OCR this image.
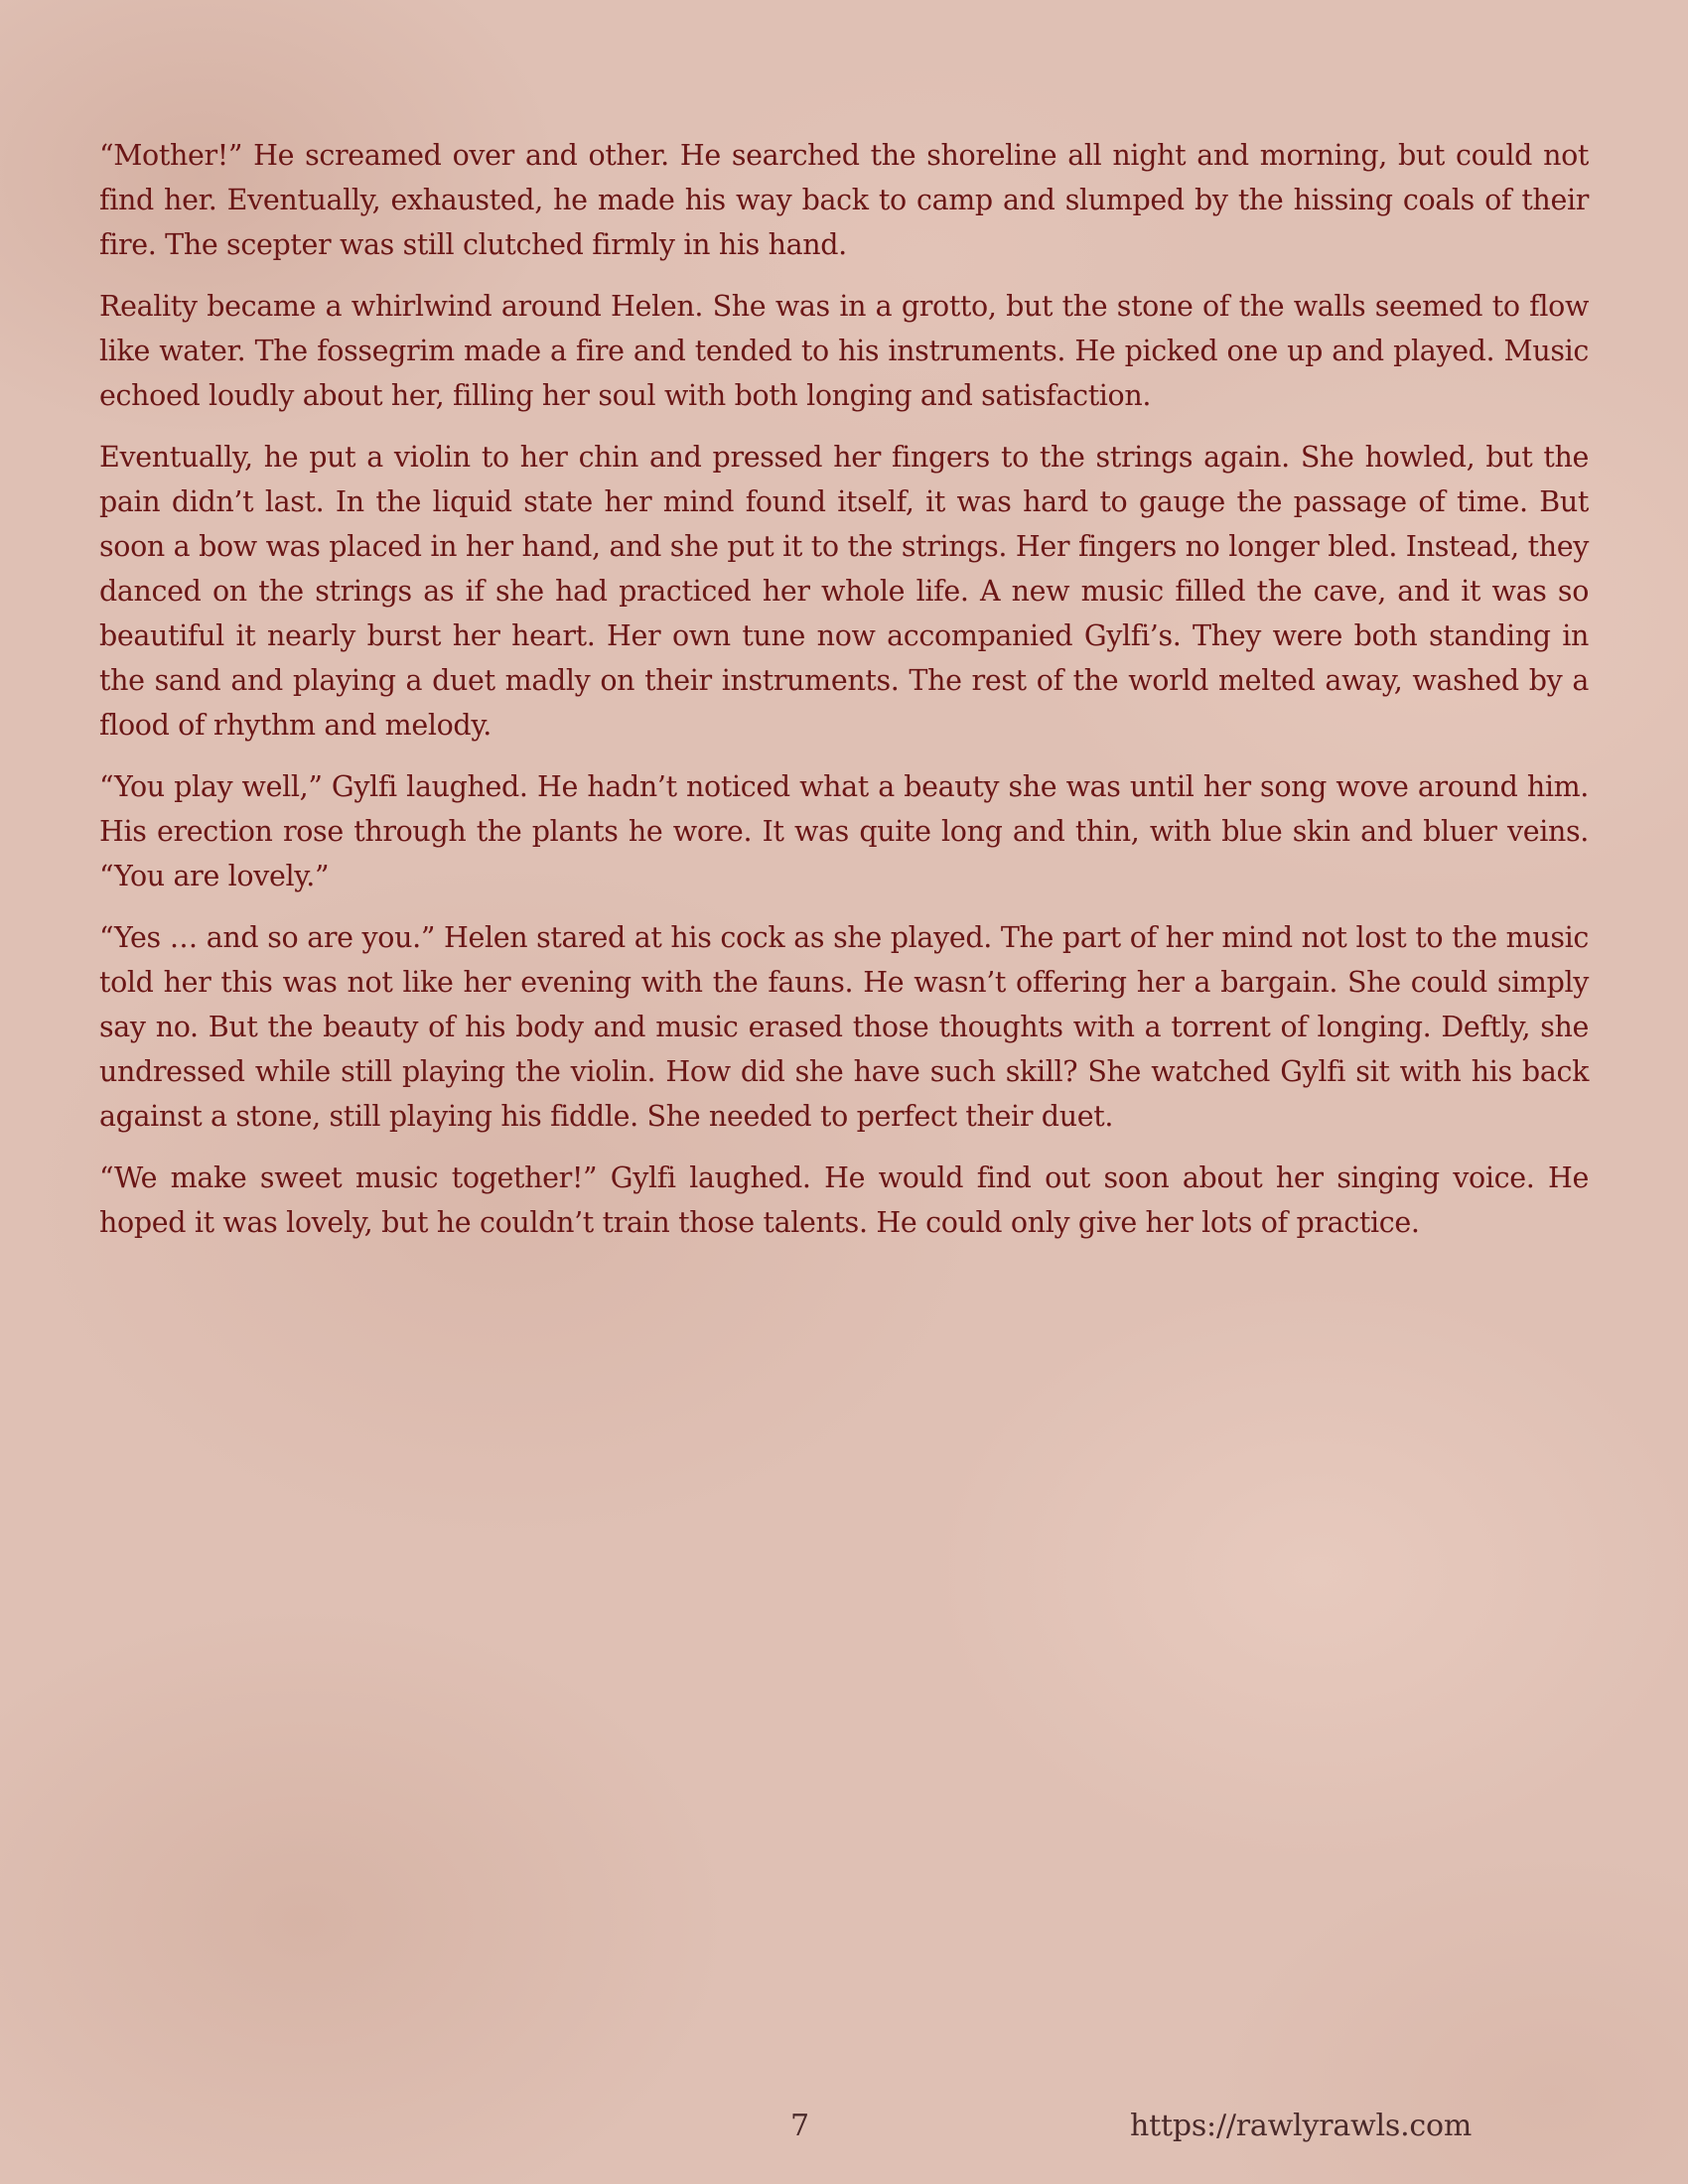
“Mother!” He screamed over and other. He searched the shoreline all night and morning, but could not find her. Eventually, exhausted, he made his way back to camp and slumped by the hissing coals of their fire. The scepter was still clutched firmly in his hand.

Reality became a whirlwind around Helen. She was in a grotto, but the stone of the walls seemed to flow like water. The fossegrim made a fire and tended to his instruments. He picked one up and played. Music echoed loudly about her, filling her soul with both longing and satisfaction.

Eventually, he put a violin to her chin and pressed her fingers to the strings again. She howled, but the pain didn’t last. In the liquid state her mind found itself, it was hard to gauge the passage of time. But soon a bow was placed in her hand, and she put it to the strings. Her fingers no longer bled. Instead, they danced on the strings as if she had practiced her whole life. A new music filled the cave, and it was so beautiful it nearly burst her heart. Her own tune now accompanied Gylfi’s. They were both standing in the sand and playing a duet madly on their instruments. The rest of the world melted away, washed by a flood of rhythm and melody.

“You play well,” Gylfi laughed. He hadn’t noticed what a beauty she was until her song wove around him. His erection rose through the plants he wore. It was quite long and thin, with blue skin and bluer veins. “You are lovely.”

“Yes … and so are you.” Helen stared at his cock as she played. The part of her mind not lost to the music told her this was not like her evening with the fauns. He wasn’t offering her a bargain. She could simply say no. But the beauty of his body and music erased those thoughts with a torrent of longing. Deftly, she undressed while still playing the violin. How did she have such skill? She watched Gylfi sit with his back against a stone, still playing his fiddle. She needed to perfect their duet.

“We make sweet music together!” Gylfi laughed. He would find out soon about her singing voice. He hoped it was lovely, but he couldn’t train those talents. He could only give her lots of practice.

7	https://rawlyrawls.com
